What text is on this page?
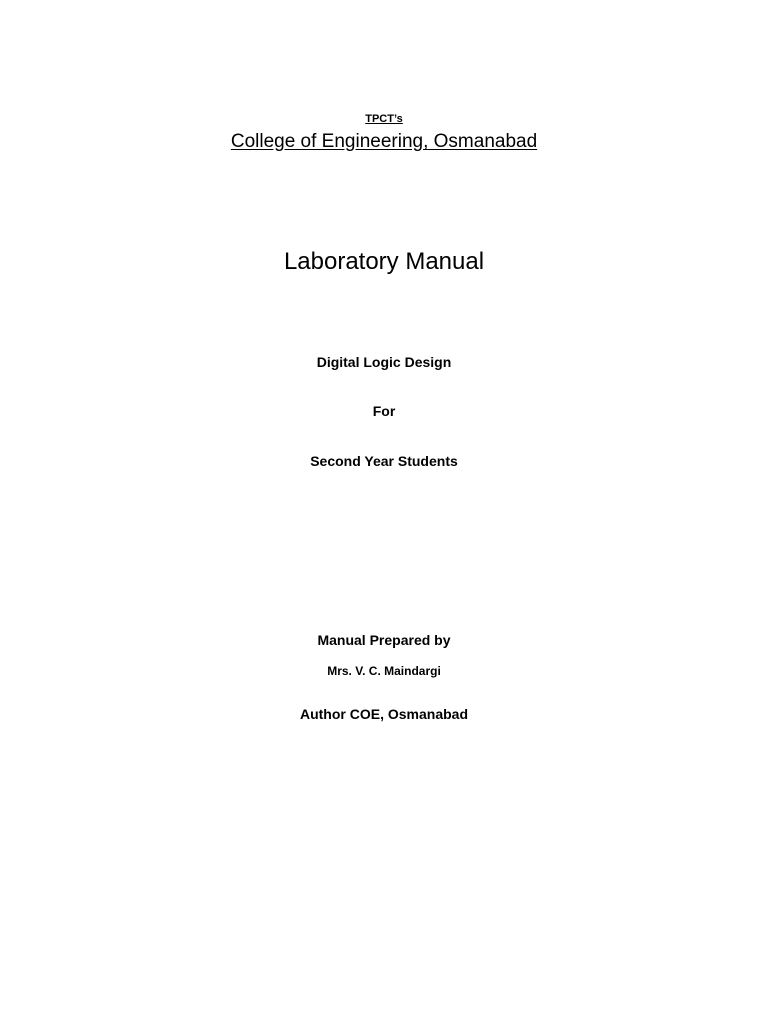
TPCT’s
College of Engineering, Osmanabad
Laboratory Manual
Digital Logic Design
For
Second Year Students
Manual Prepared by
Mrs. V. C. Maindargi
Author COE, Osmanabad
